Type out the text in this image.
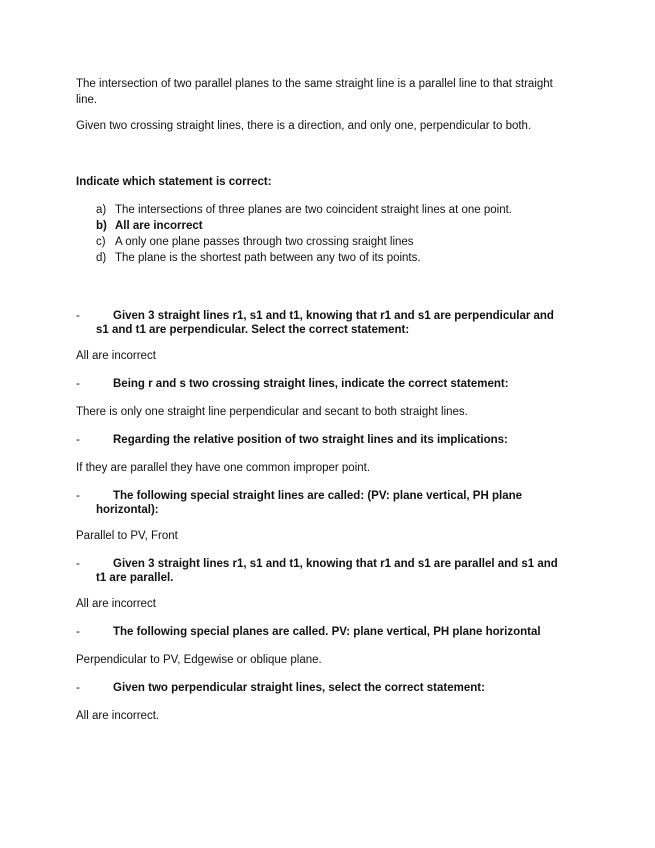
The intersection of two parallel planes to the same straight line is a parallel line to that straight line.

Given two crossing straight lines, there is a direction, and only one, perpendicular to both.

Indicate which statement is correct:

a) The intersections of three planes are two coincident straight lines at one point.
b) All are incorrect
c) A only one plane passes through two crossing sraight lines
d) The plane is the shortest path between any two of its points.
-	Given 3 straight lines r1, s1 and t1, knowing that r1 and s1 are perpendicular and
s1 and t1 are perpendicular. Select the correct statement:

All are incorrect

-	Being r and s two crossing straight lines, indicate the correct statement:

There is only one straight line perpendicular and secant to both straight lines.

-	Regarding the relative position of two straight lines and its implications:

If they are parallel they have one common improper point.

-	The following special straight lines are called: (PV: plane vertical, PH plane
horizontal):

Parallel to PV, Front

-	Given 3 straight lines r1, s1 and t1, knowing that r1 and s1 are parallel and s1 and
t1 are parallel.

All are incorrect

-	The following special planes are called. PV: plane vertical, PH plane horizontal

Perpendicular to PV, Edgewise or oblique plane.

-	Given two perpendicular straight lines, select the correct statement:

All are incorrect.
